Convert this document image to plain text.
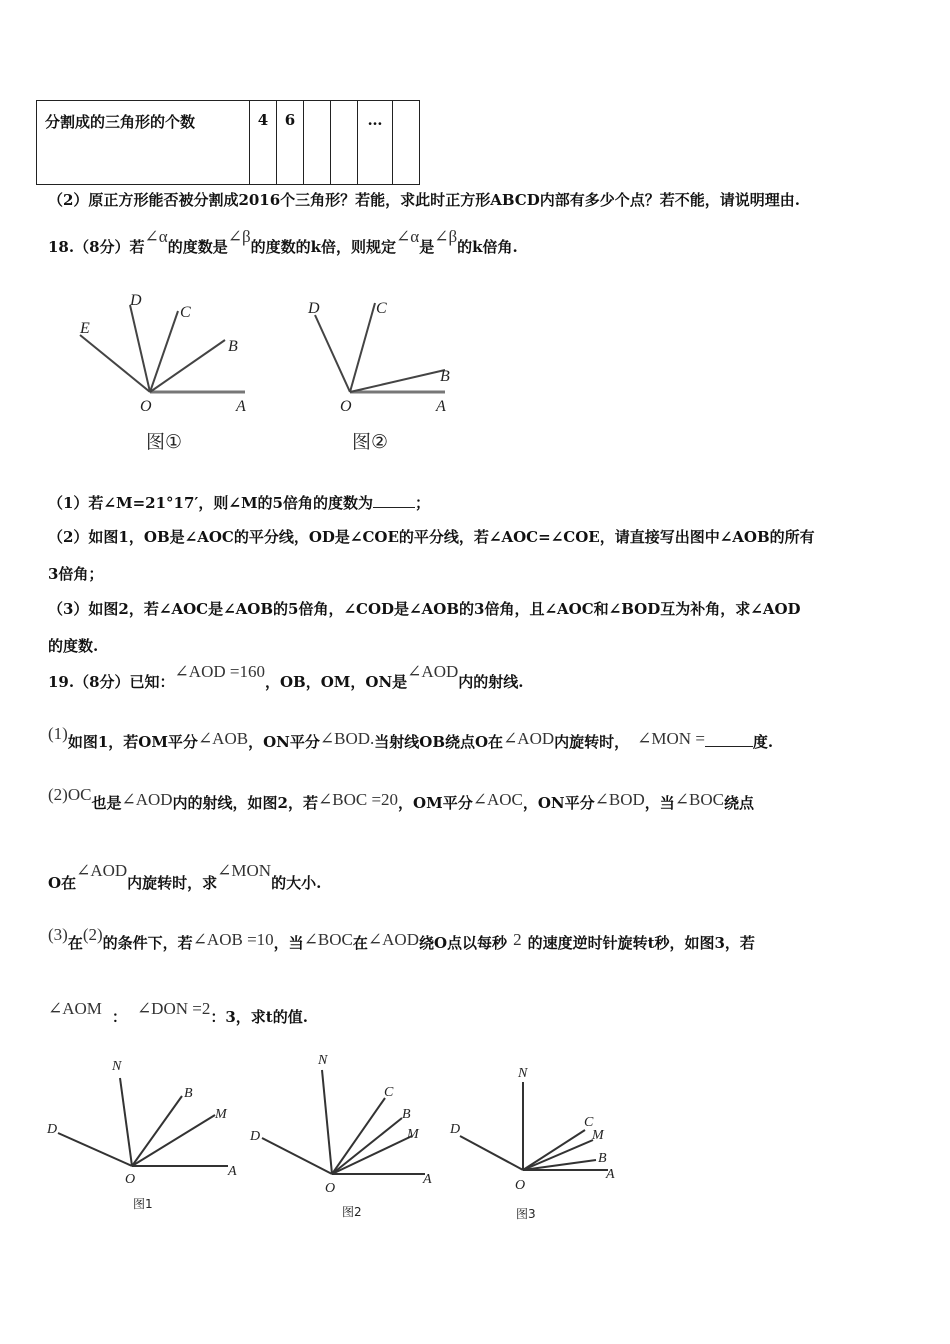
分割成的三角形的个数	4	6			…	
（2）原正方形能否被分割成2016个三角形？若能，求此时正方形ABCD内部有多少个点？若不能，请说明理由.
18.（8分）若∠α的度数是∠β的度数的k倍，则规定∠α是∠β的k倍角.
E
D
C
B
O	A
图①
D	C
B
O	A
图②
（1）若∠M=21°17′，则∠M的5倍角的度数为	；
（2）如图1，OB是∠AOC的平分线，OD是∠COE的平分线，若∠AOC=∠COE，请直接写出图中∠AOB的所有
3倍角；
（3）如图2，若∠AOC是∠AOB的5倍角，∠COD是∠AOB的3倍角，且∠AOC和∠BOD互为补角，求∠AOD
的度数.
19.（8分）已知：∠AOD =160，OB，OM，ON是∠AOD内的射线.
(1)如图1，若OM平分∠AOB，ON平分∠BOD.当射线OB绕点O在∠AOD内旋转时， ∠MON =	度.
(2)OC也是∠AOD内的射线，如图2，若∠BOC =20，OM平分∠AOC，ON平分∠BOD，当∠BOC绕点
O在∠AOD内旋转时，求∠MON的大小.
(3)在(2)的条件下，若∠AOB =10，当∠BOC在∠AOD绕O点以每秒 2 的速度逆时针旋转t秒，如图3，若
∠AOM ： ∠DON =2：3，求t的值.
N
B
M
D
O
A
图1
N
C
B
M
D
O
A
图2
N
C
M
B
D
O
A
图3
